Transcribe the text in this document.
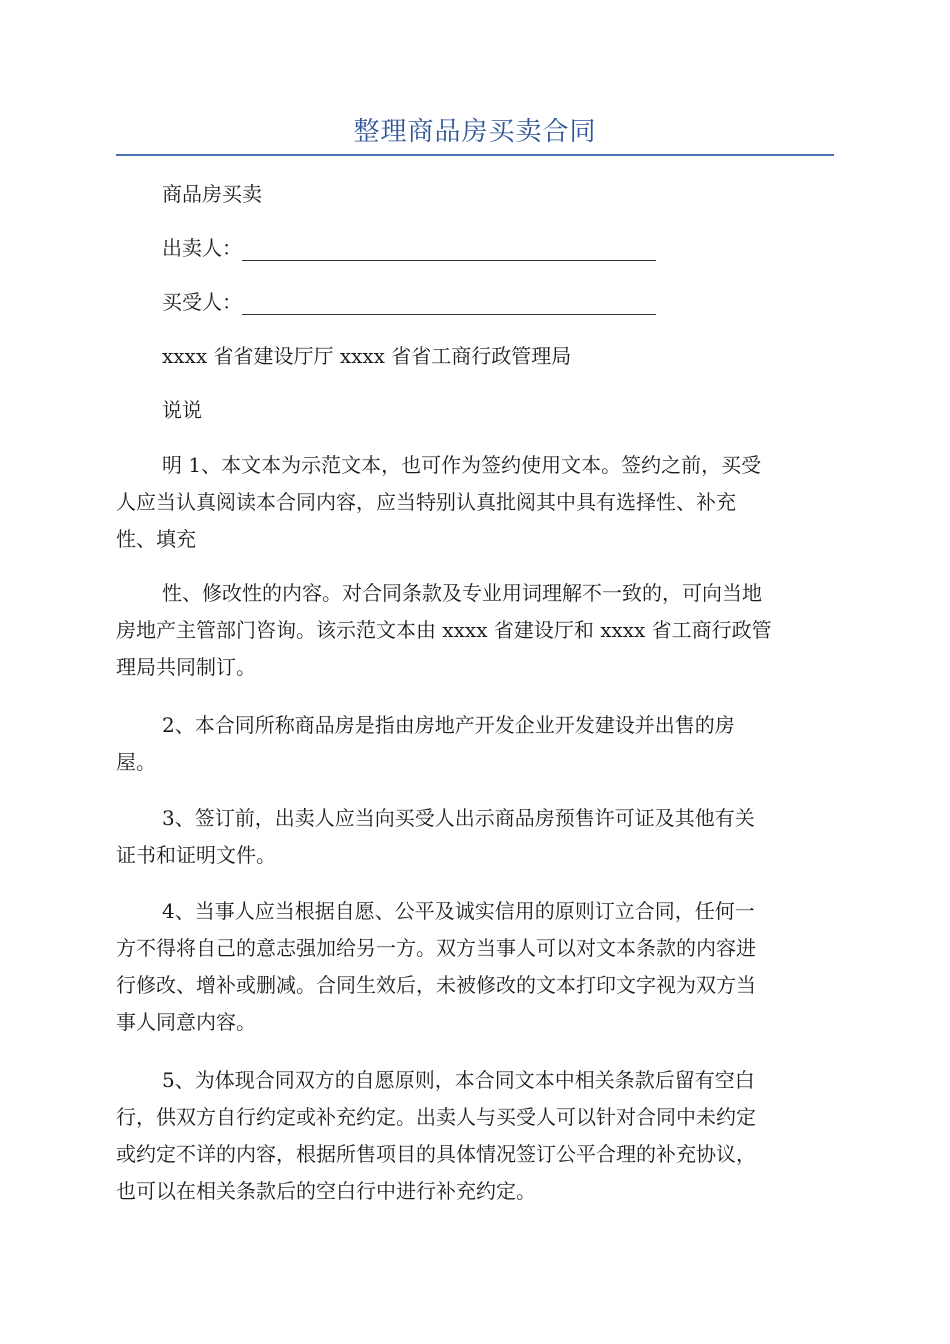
整理商品房买卖合同
商品房买卖
出卖人：
买受人：
xxxx 省省建设厅厅 xxxx 省省工商行政管理局
说说
明 1、本文本为示范文本，也可作为签约使用文本。签约之前，买受
人应当认真阅读本合同内容，应当特别认真批阅其中具有选择性、补充
性、填充
性、修改性的内容。对合同条款及专业用词理解不一致的，可向当地
房地产主管部门咨询。该示范文本由 xxxx 省建设厅和 xxxx 省工商行政管
理局共同制订。
2、本合同所称商品房是指由房地产开发企业开发建设并出售的房
屋。
3、签订前，出卖人应当向买受人出示商品房预售许可证及其他有关
证书和证明文件。
4、当事人应当根据自愿、公平及诚实信用的原则订立合同，任何一
方不得将自己的意志强加给另一方。双方当事人可以对文本条款的内容进
行修改、增补或删减。合同生效后，未被修改的文本打印文字视为双方当
事人同意内容。
5、为体现合同双方的自愿原则，本合同文本中相关条款后留有空白
行，供双方自行约定或补充约定。出卖人与买受人可以针对合同中未约定
或约定不详的内容，根据所售项目的具体情况签订公平合理的补充协议，
也可以在相关条款后的空白行中进行补充约定。
